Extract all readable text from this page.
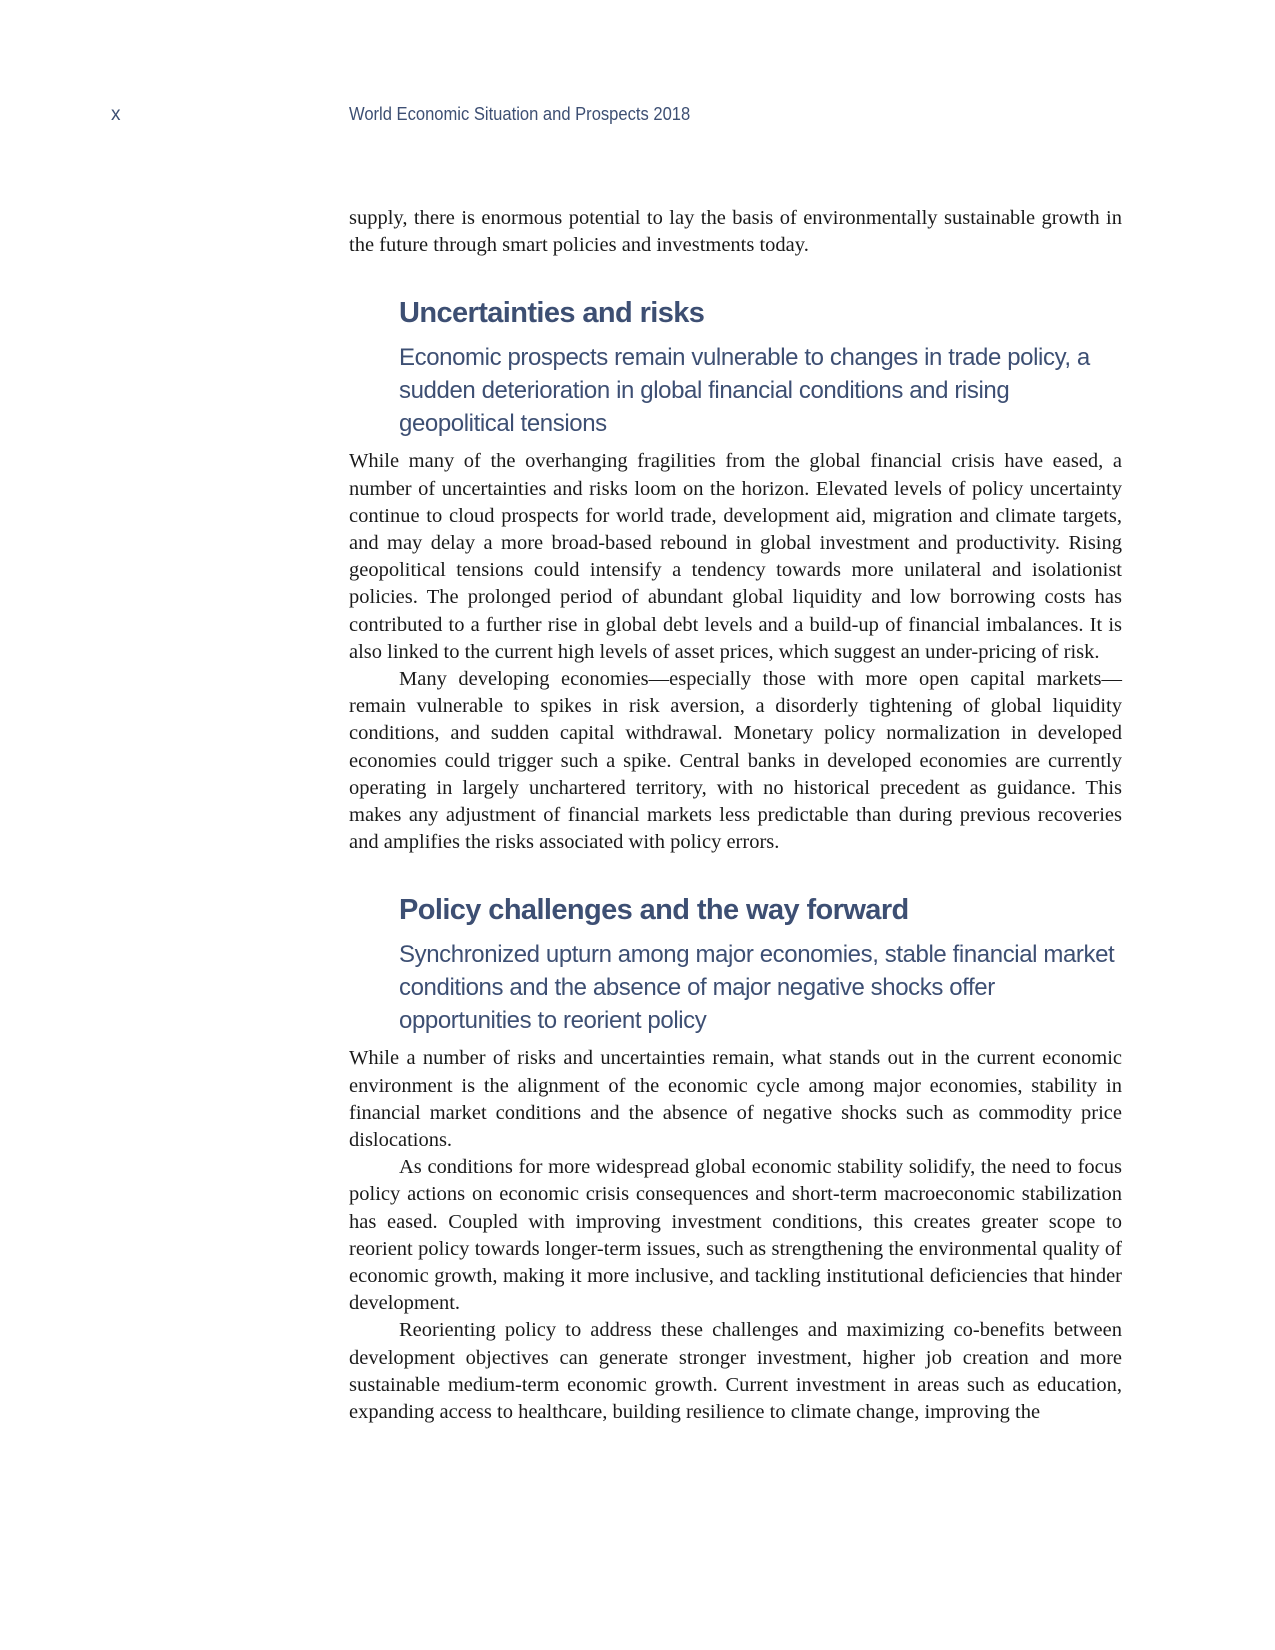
x	World Economic Situation and Prospects 2018

supply, there is enormous potential to lay the basis of environmentally sustainable growth in the future through smart policies and investments today.

Uncertainties and risks
Economic prospects remain vulnerable to changes in trade policy, a sudden deterioration in global financial conditions and rising geopolitical tensions

While many of the overhanging fragilities from the global financial crisis have eased, a number of uncertainties and risks loom on the horizon. Elevated levels of policy uncertainty continue to cloud prospects for world trade, development aid, migration and climate targets, and may delay a more broad-based rebound in global investment and productivity. Rising geopolitical tensions could intensify a tendency towards more unilateral and isolationist policies. The prolonged period of abundant global liquidity and low borrowing costs has contributed to a further rise in global debt levels and a build-up of financial imbalances. It is also linked to the current high levels of asset prices, which suggest an under-pricing of risk.

Many developing economies—especially those with more open capital markets—remain vulnerable to spikes in risk aversion, a disorderly tightening of global liquidity conditions, and sudden capital withdrawal. Monetary policy normalization in developed economies could trigger such a spike. Central banks in developed economies are currently operating in largely unchartered territory, with no historical precedent as guidance. This makes any adjustment of financial markets less predictable than during previous recoveries and amplifies the risks associated with policy errors.

Policy challenges and the way forward
Synchronized upturn among major economies, stable financial market conditions and the absence of major negative shocks offer opportunities to reorient policy

While a number of risks and uncertainties remain, what stands out in the current economic environment is the alignment of the economic cycle among major economies, stability in financial market conditions and the absence of negative shocks such as commodity price dislocations.

As conditions for more widespread global economic stability solidify, the need to focus policy actions on economic crisis consequences and short-term macroeconomic stabilization has eased. Coupled with improving investment conditions, this creates greater scope to reorient policy towards longer-term issues, such as strengthening the environmental quality of economic growth, making it more inclusive, and tackling institutional deficiencies that hinder development.

Reorienting policy to address these challenges and maximizing co-benefits between development objectives can generate stronger investment, higher job creation and more sustainable medium-term economic growth. Current investment in areas such as education, expanding access to healthcare, building resilience to climate change, improving the
